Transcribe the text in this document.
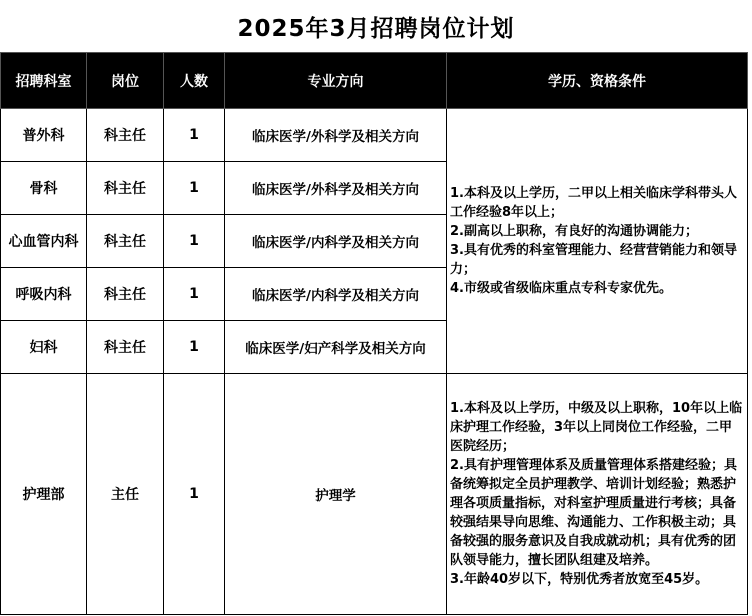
2025年3月招聘岗位计划
招聘科室	岗位	人数	专业方向	学历、资格条件
普外科	科主任	1	临床医学/外科学及相关方向	1.本科及以上学历，二甲以上相关临床学科带头人工作经验8年以上；
2.副高以上职称，有良好的沟通协调能力；
3.具有优秀的科室管理能力、经营营销能力和领导力；
4.市级或省级临床重点专科专家优先。

骨科	科主任	1	临床医学/外科学及相关方向	
心血管内科	科主任	1	临床医学/内科学及相关方向	
呼吸内科	科主任	1	临床医学/内科学及相关方向	
妇科	科主任	1	临床医学/妇产科学及相关方向	
护理部	主任	1	护理学	1.本科及以上学历，中级及以上职称，10年以上临床护理工作经验，3年以上同岗位工作经验，二甲医院经历；
2.具有护理管理体系及质量管理体系搭建经验；具备统筹拟定全员护理教学、培训计划经验；熟悉护理各项质量指标，对科室护理质量进行考核；具备较强结果导向思维、沟通能力、工作积极主动；具备较强的服务意识及自我成就动机；具有优秀的团队领导能力，擅长团队组建及培养。
3.年龄40岁以下，特别优秀者放宽至45岁。
